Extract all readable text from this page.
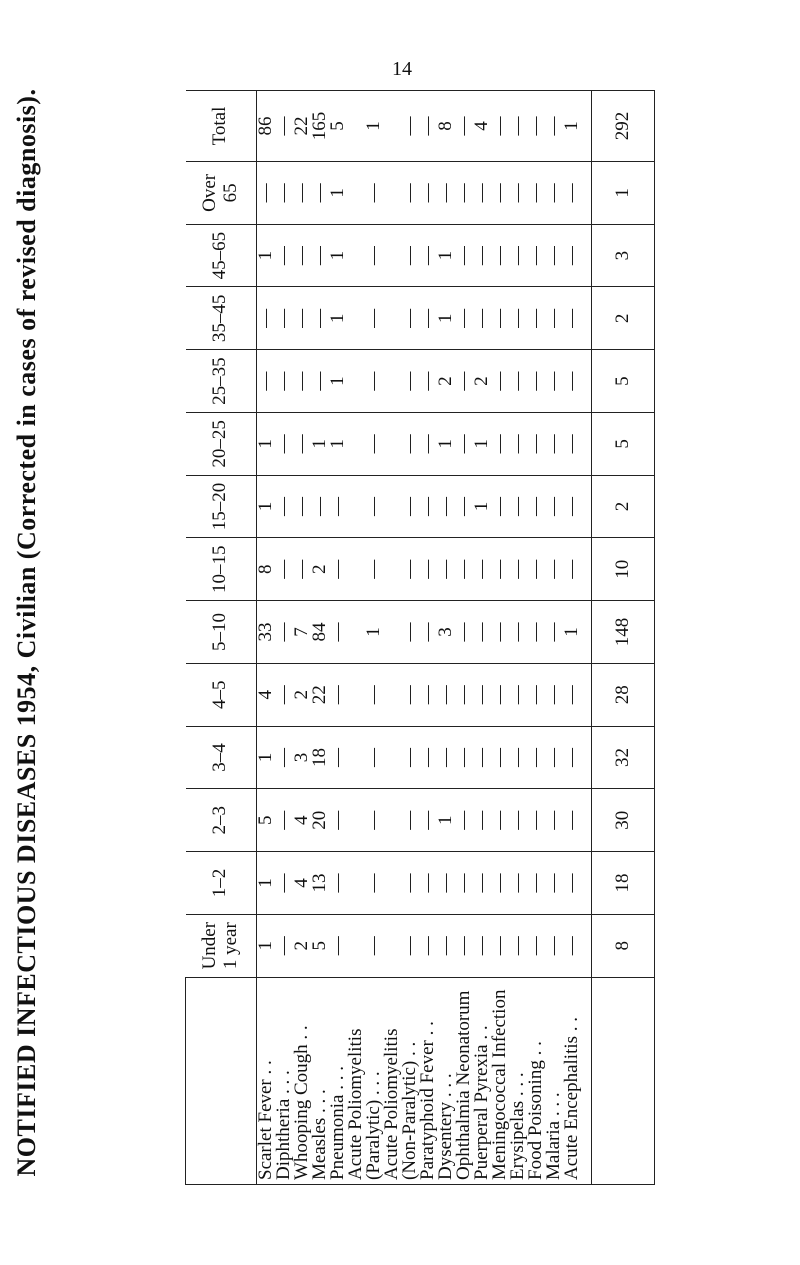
14
NOTIFIED INFECTIOUS DISEASES 1954, Civilian (Corrected in cases of revised diagnosis).
		Under 1 year	1–2	2–3	3–4	4–5	5–10	10–15	15–20	20–25	25–35	35–45	45–65	Over 65	Total
Scarlet Fever . .	1	1	5	1	4	33	8	1	1	—	—	1	—	86
Diphtheria . . .	—	—	—	—	—	—	—	—	—	—	—	—	—	—
Whooping Cough . .	2	4	4	3	2	7	—	—	—	—	—	—	—	22
Measles . . .	5	13	20	18	22	84	2	—	1	—	—	—	—	165
Pneumonia . . .	—	—	—	—	—	—	—	—	1	1	1	1	1	5
Acute Poliomyelitis														
(Paralytic) . . .	—	—	—	—	—	1	—	—	—	—	—	—	—	1
Acute Poliomyelitis														
(Non-Paralytic) . .	—	—	—	—	—	—	—	—	—	—	—	—	—	—
Paratyphoid Fever . .	—	—	—	—	—	—	—	—	—	—	—	—	—	—
Dysentery . . .	—	—	1	—	—	3	—	—	1	2	1	1	—	8
Ophthalmia Neonatorum	—	—	—	—	—	—	—	—	—	—	—	—	—	—
Puerperal Pyrexia . .	—	—	—	—	—	—	—	1	1	2	—	—	—	4
Meningococcal Infection	—	—	—	—	—	—	—	—	—	—	—	—	—	—
Erysipelas . . .	—	—	—	—	—	—	—	—	—	—	—	—	—	—
Food Poisoning . .	—	—	—	—	—	—	—	—	—	—	—	—	—	—
Malaria . . .	—	—	—	—	—	—	—	—	—	—	—	—	—	—
Acute Encephalitis . .	—	—	—	—	—	1	—	—	—	—	—	—	—	1

	8	18	30	32	28	148	10	2	5	5	2	3	1	292
